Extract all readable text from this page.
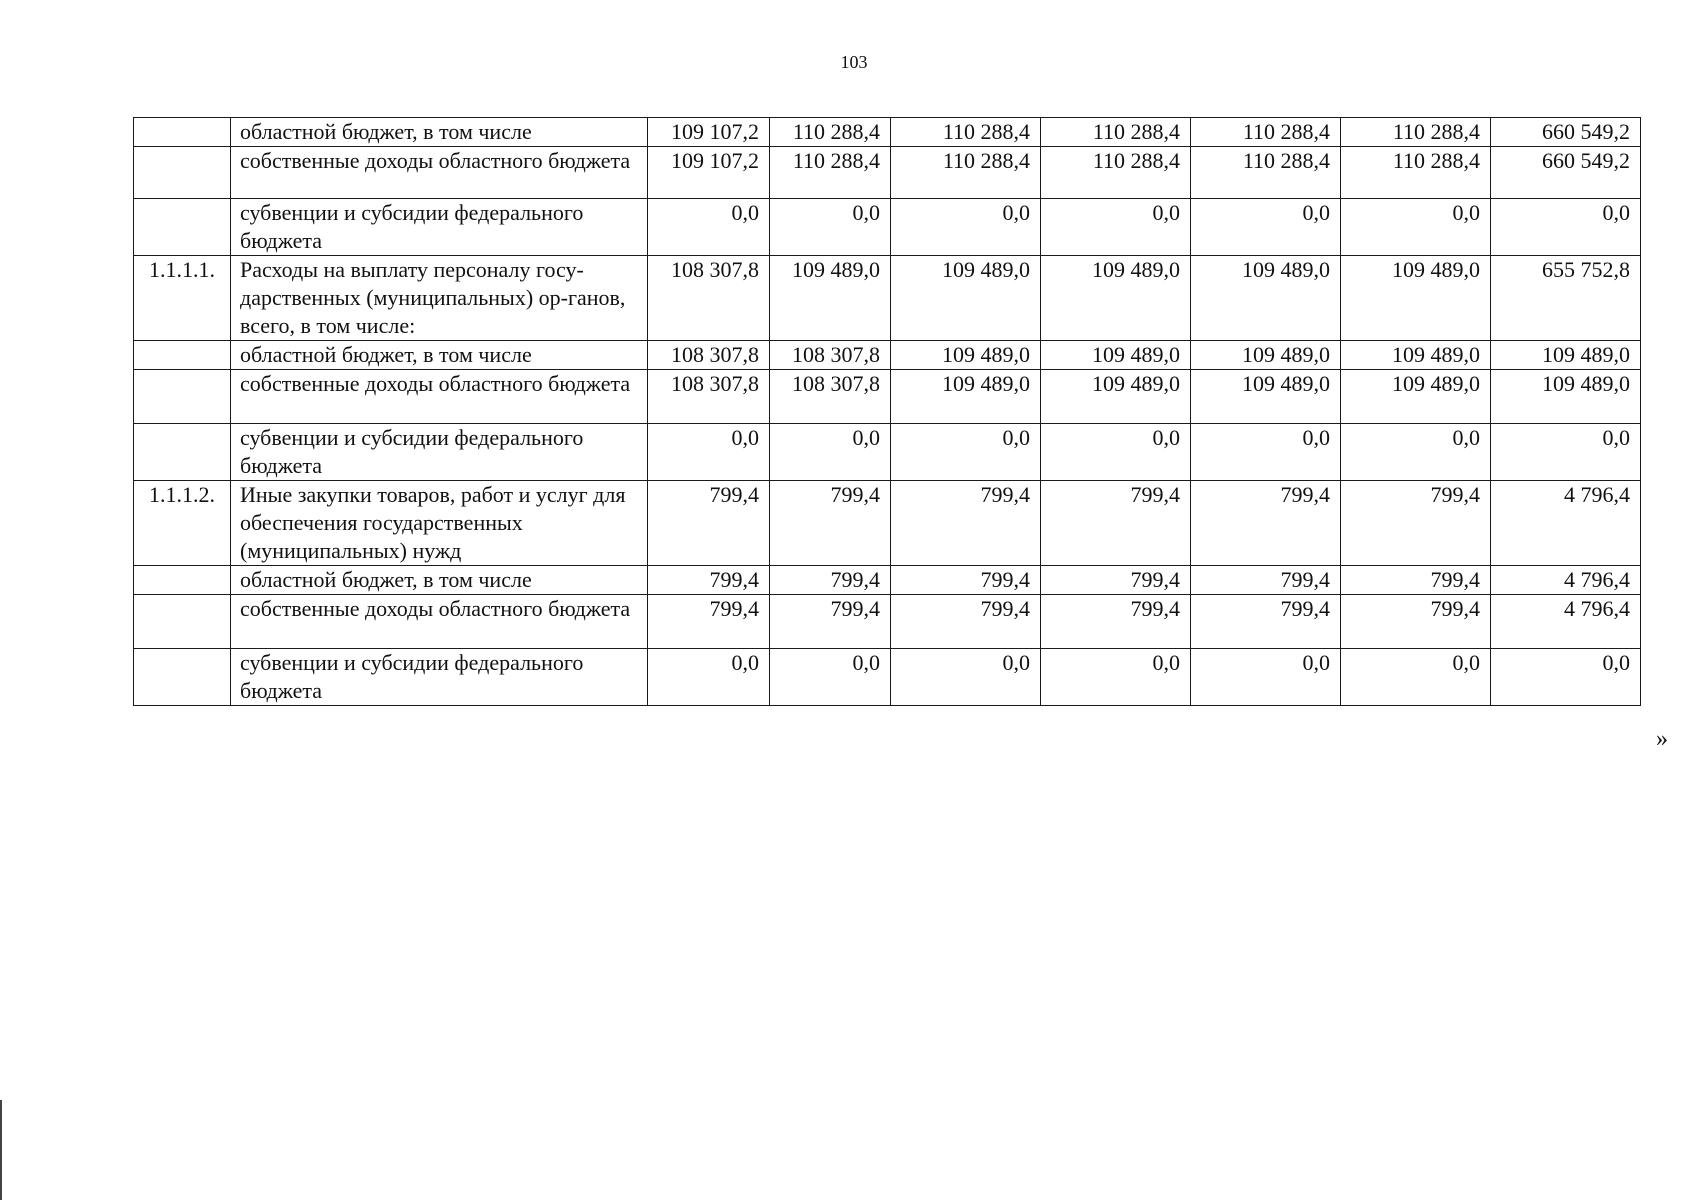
103
	областной бюджет, в том числе	109 107,2	110 288,4	110 288,4	110 288,4	110 288,4	110 288,4	660 549,2
	собственные доходы областного бюджета	109 107,2	110 288,4	110 288,4	110 288,4	110 288,4	110 288,4	660 549,2
	субвенции и субсидии федерального бюджета	0,0	0,0	0,0	0,0	0,0	0,0	0,0
1.1.1.1.	Расходы на выплату персоналу госу-дарственных (муниципальных) ор-ганов, всего, в том числе:	108 307,8	109 489,0	109 489,0	109 489,0	109 489,0	109 489,0	655 752,8
	областной бюджет, в том числе	108 307,8	108 307,8	109 489,0	109 489,0	109 489,0	109 489,0	109 489,0
	собственные доходы областного бюджета	108 307,8	108 307,8	109 489,0	109 489,0	109 489,0	109 489,0	109 489,0
	субвенции и субсидии федерального бюджета	0,0	0,0	0,0	0,0	0,0	0,0	0,0
1.1.1.2.	Иные закупки товаров, работ и услуг для обеспечения государственных (муниципальных) нужд	799,4	799,4	799,4	799,4	799,4	799,4	4 796,4
	областной бюджет, в том числе	799,4	799,4	799,4	799,4	799,4	799,4	4 796,4
	собственные доходы областного бюджета	799,4	799,4	799,4	799,4	799,4	799,4	4 796,4
	субвенции и субсидии федерального бюджета	0,0	0,0	0,0	0,0	0,0	0,0	0,0
»
